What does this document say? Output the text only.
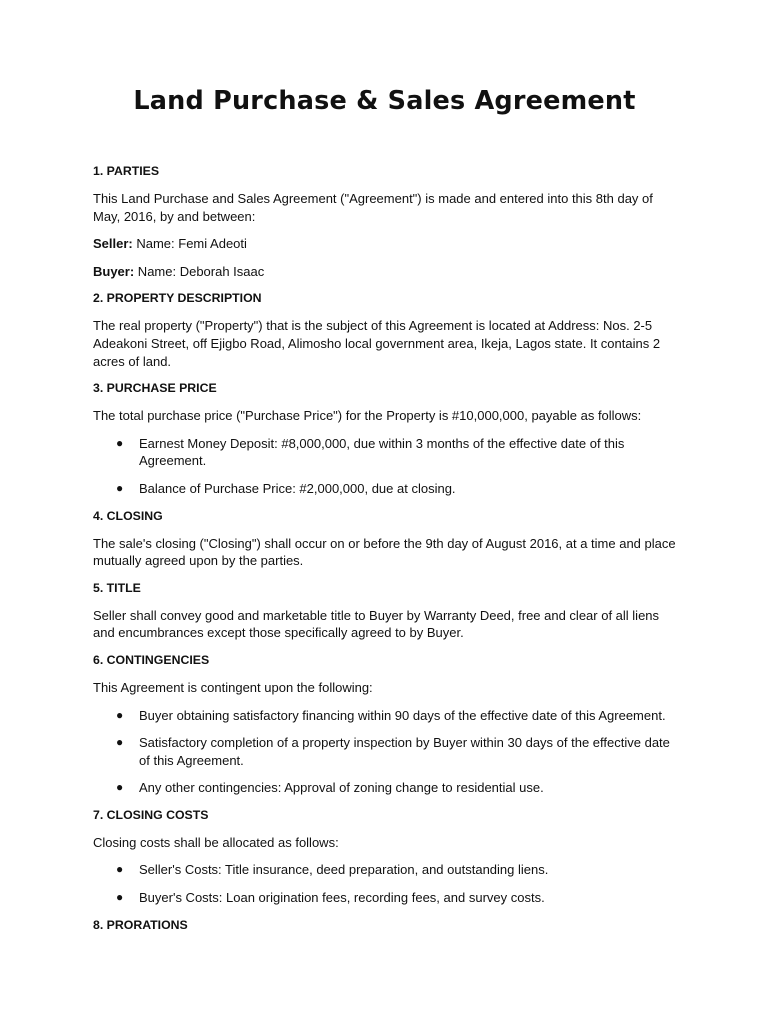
Land Purchase & Sales Agreement
1. PARTIES

This Land Purchase and Sales Agreement ("Agreement") is made and entered into this 8th day of May, 2016, by and between:

Seller: Name: Femi Adeoti

Buyer: Name: Deborah Isaac

2. PROPERTY DESCRIPTION

The real property ("Property") that is the subject of this Agreement is located at Address: Nos. 2-5 Adeakoni Street, off Ejigbo Road, Alimosho local government area, Ikeja, Lagos state. It contains 2 acres of land.

3. PURCHASE PRICE

The total purchase price ("Purchase Price") for the Property is #10,000,000, payable as follows:

● Earnest Money Deposit: #8,000,000, due within 3 months of the effective date of this Agreement.
● Balance of Purchase Price: #2,000,000, due at closing.
4. CLOSING

The sale's closing ("Closing") shall occur on or before the 9th day of August 2016, at a time and place mutually agreed upon by the parties.

5. TITLE

Seller shall convey good and marketable title to Buyer by Warranty Deed, free and clear of all liens and encumbrances except those specifically agreed to by Buyer.

6. CONTINGENCIES

This Agreement is contingent upon the following:

● Buyer obtaining satisfactory financing within 90 days of the effective date of this Agreement.
● Satisfactory completion of a property inspection by Buyer within 30 days of the effective date of this Agreement.
● Any other contingencies: Approval of zoning change to residential use.
7. CLOSING COSTS

Closing costs shall be allocated as follows:

● Seller's Costs: Title insurance, deed preparation, and outstanding liens.
● Buyer's Costs: Loan origination fees, recording fees, and survey costs.
8. PRORATIONS
